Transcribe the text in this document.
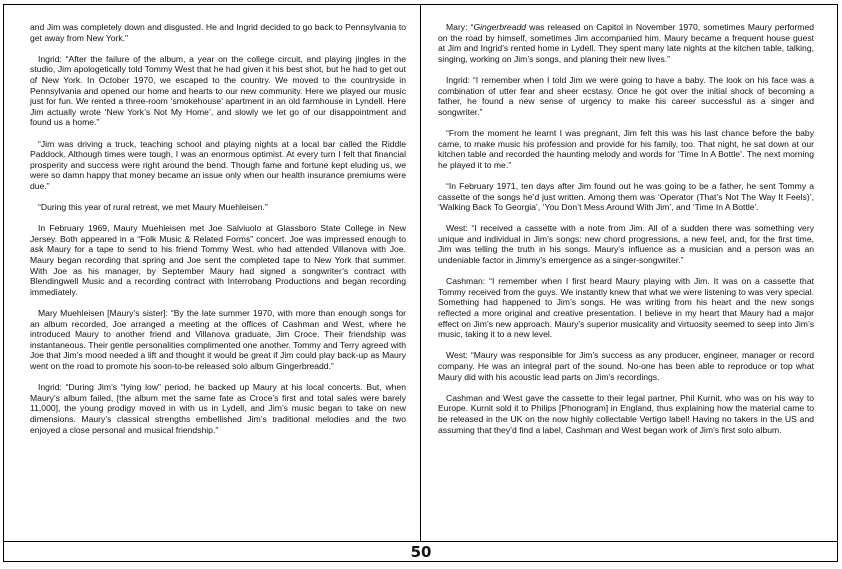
and Jim was completely down and disgusted. He and Ingrid decided to go back to Pennsylvania to get away from New York."

Ingrid: “After the failure of the album, a year on the college circuit, and playing jingles in the studio, Jim apologetically told Tommy West that he had given it his best shot, but he had to get out of New York. In October 1970, we escaped to the country. We moved to the countryside in Pennsylvania and opened our home and hearts to our new community. Here we played our music just for fun. We rented a three-room ‘smokehouse’ apartment in an old farmhouse in Lyndell. Here Jim actually wrote ‘New York’s Not My Home’, and slowly we let go of our disappointment and found us a home.”

“Jim was driving a truck, teaching school and playing nights at a local bar called the Riddle Paddock. Although times were tough, I was an enormous optimist. At every turn I felt that financial prosperity and success were right around the bend. Though fame and fortune kept eluding us, we were so damn happy that money became an issue only when our health insurance premiums were due.”

“During this year of rural retreat, we met Maury Muehleisen.”

In February 1969, Maury Muehleisen met Joe Salviuolo at Glassboro State College in New Jersey. Both appeared in a “Folk Music & Related Forms” concert. Joe was impressed enough to ask Maury for a tape to send to his friend Tommy West, who had attended Villanova with Joe. Maury began recording that spring and Joe sent the completed tape to New York that summer. With Joe as his manager, by September Maury had signed a songwriter’s contract with Blendingwell Music and a recording contract with Interrobang Productions and began recording immediately.

Mary Muehleisen [Maury’s sister]: “By the late summer 1970, with more than enough songs for an album recorded, Joe arranged a meeting at the offices of Cashman and West, where he introduced Maury to another friend and Villanova graduate, Jim Croce. Their friendship was instantaneous. Their gentle personalities complimented one another. Tommy and Terry agreed with Joe that Jim’s mood needed a lift and thought it would be great if Jim could play back-up as Maury went on the road to promote his soon-to-be released solo album Gingerbreadd.”

Ingrid: “During Jim’s “lying low” period, he backed up Maury at his local concerts. But, when Maury’s album failed, [the album met the same fate as Croce’s first and total sales were barely 11,000], the young prodigy moved in with us in Lydell, and Jim’s music began to take on new dimensions. Maury’s classical strengths embellished Jim’s traditional melodies and the two enjoyed a close personal and musical friendship.”

Mary: “Gingerbreadd was released on Capitol in November 1970, sometimes Maury performed on the road by himself, sometimes Jim accompanied him. Maury became a frequent house guest at Jim and Ingrid’s rented home in Lydell. They spent many late nights at the kitchen table, talking, singing, working on Jim’s songs, and planing their new lives.”

Ingrid: “I remember when I told Jim we were going to have a baby. The look on his face was a combination of utter fear and sheer ecstasy. Once he got over the initial shock of becoming a father, he found a new sense of urgency to make his career successful as a singer and songwriter.”

“From the moment he learnt I was pregnant, Jim felt this was his last chance before the baby came, to make music his profession and provide for his family, too. That night, he sat down at our kitchen table and recorded the haunting melody and words for ‘Time In A Bottle’. The next morning he played it to me.”

“In February 1971, ten days after Jim found out he was going to be a father, he sent Tommy a cassette of the songs he’d just written. Among them was ‘Operator (That’s Not The Way It Feels)’, ‘Walking Back To Georgia’, ‘You Don’t Mess Around With Jim’, and ‘Time In A Bottle’.

West: “I received a cassette with a note from Jim. All of a sudden there was something very unique and individual in Jim’s songs: new chord progressions, a new feel, and, for the first time, Jim was telling the truth in his songs. Maury’s influence as a musician and a person was an undeniable factor in Jimmy’s emergence as a singer-songwriter.”

Cashman: “I remember when I first heard Maury playing with Jim. It was on a cassette that Tommy received from the guys. We instantly knew that what we were listening to was very special. Something had happened to Jim’s songs. He was writing from his heart and the new songs reflected a more original and creative presentation. I believe in my heart that Maury had a major effect on Jim’s new approach. Maury’s superior musicality and virtuosity seemed to seep into Jim’s music, taking it to a new level.

West: “Maury was responsible for Jim’s success as any producer, engineer, manager or record company. He was an integral part of the sound. No-one has been able to reproduce or top what Maury did with his acoustic lead parts on Jim’s recordings.

Cashman and West gave the cassette to their legal partner, Phil Kurnit, who was on his way to Europe. Kurnit sold it to Philips [Phonogram] in England, thus explaining how the material came to be released in the UK on the now highly collectable Vertigo label! Having no takers in the US and assuming that they’d find a label, Cashman and West began work of Jim’s first solo album.

50
